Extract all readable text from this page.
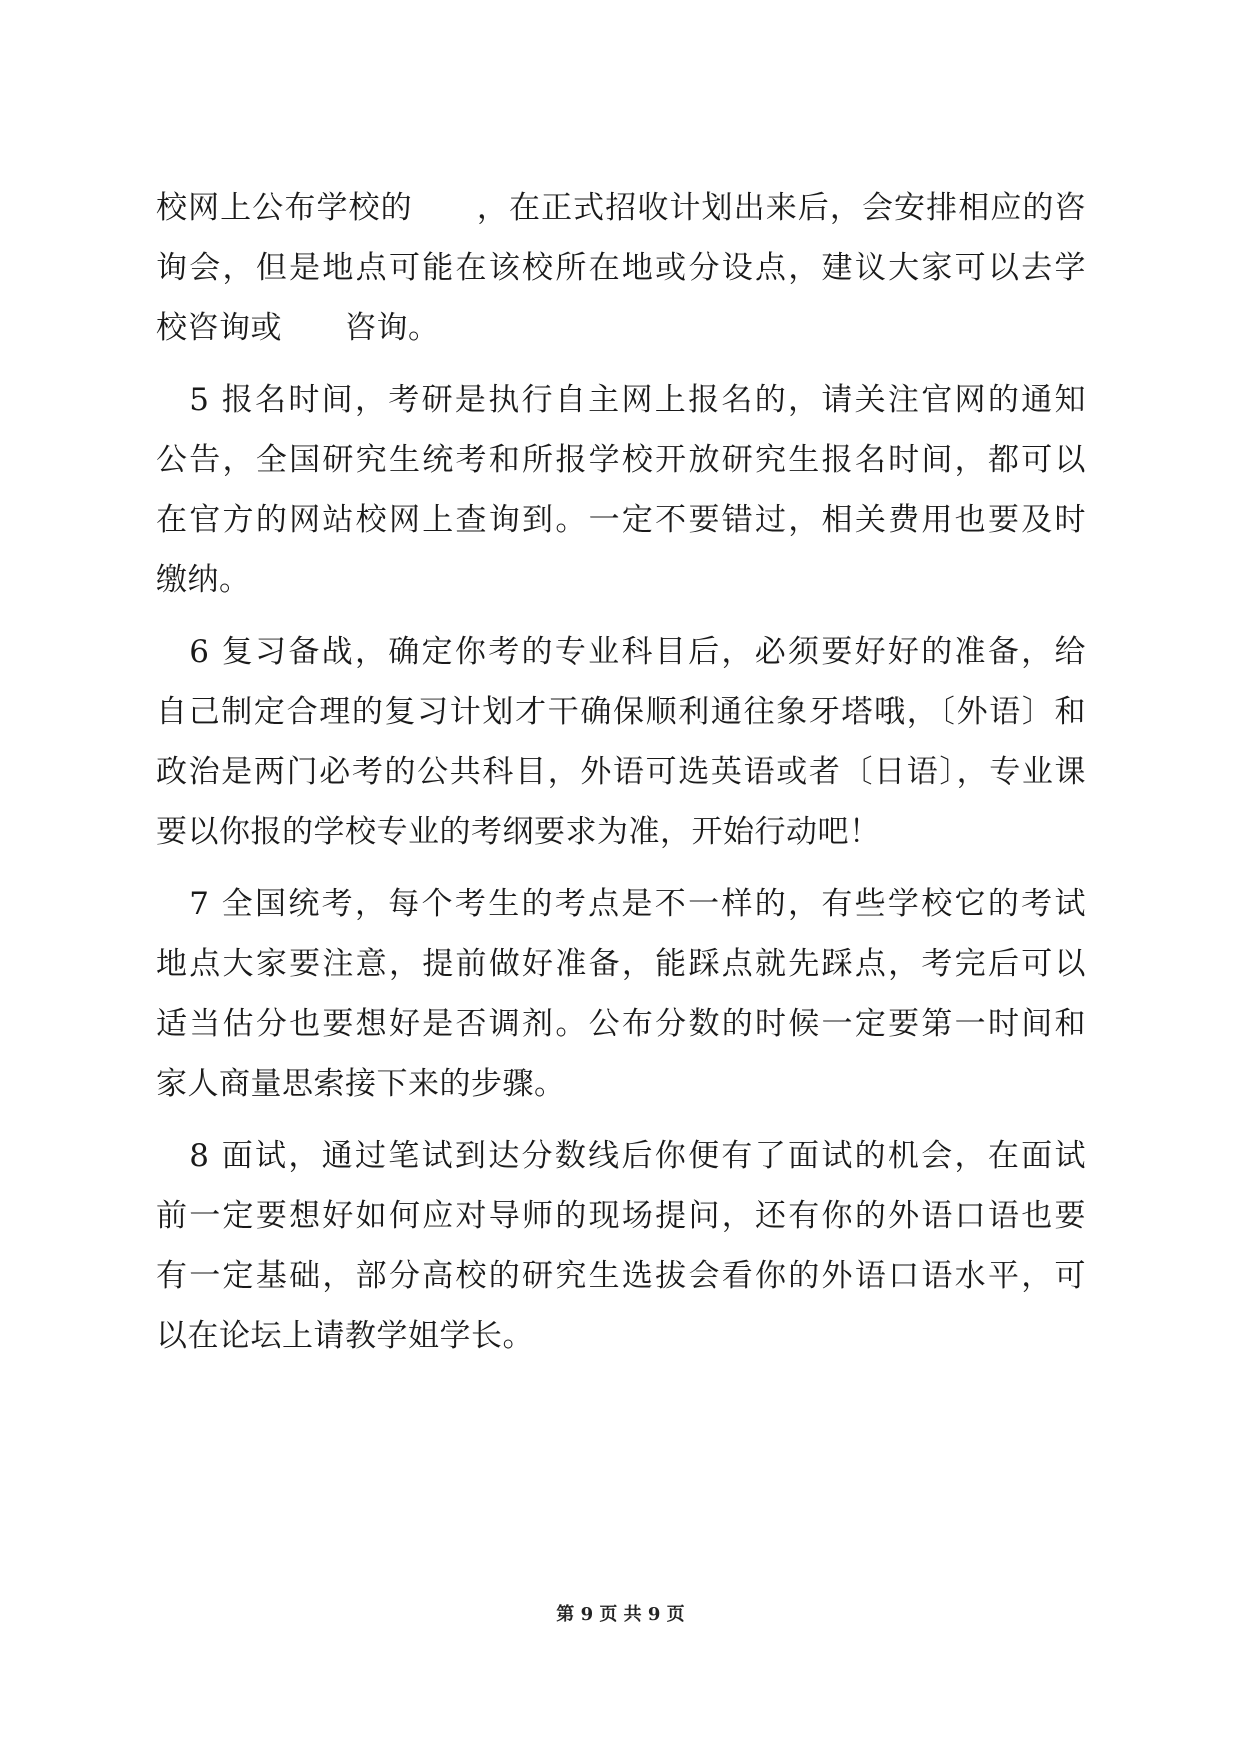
校网上公布学校的　　，在正式招收计划出来后，会安排相应的咨
询会，但是地点可能在该校所在地或分设点，建议大家可以去学
校咨询或　　咨询。
　5 报名时间，考研是执行自主网上报名的，请关注官网的通知
公告，全国研究生统考和所报学校开放研究生报名时间，都可以
在官方的网站校网上查询到。一定不要错过，相关费用也要及时
缴纳。
　6 复习备战，确定你考的专业科目后，必须要好好的准备，给
自己制定合理的复习计划才干确保顺利通往象牙塔哦，〔外语〕和
政治是两门必考的公共科目，外语可选英语或者〔日语〕，专业课
要以你报的学校专业的考纲要求为准，开始行动吧！
　7 全国统考，每个考生的考点是不一样的，有些学校它的考试
地点大家要注意，提前做好准备，能踩点就先踩点，考完后可以
适当估分也要想好是否调剂。公布分数的时候一定要第一时间和
家人商量思索接下来的步骤。
　8 面试，通过笔试到达分数线后你便有了面试的机会，在面试
前一定要想好如何应对导师的现场提问，还有你的外语口语也要
有一定基础，部分高校的研究生选拔会看你的外语口语水平，可
以在论坛上请教学姐学长。
第 9 页 共 9 页
